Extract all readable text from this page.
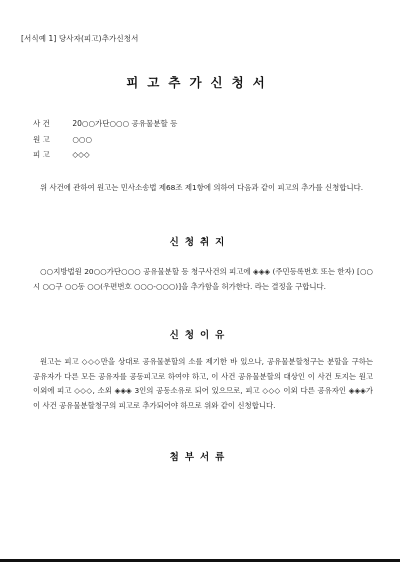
[서식예 1] 당사자(피고)추가신청서
피고추가신청서
사 건	20○○가단○○○ 공유물분할 등
원 고	○○○
피 고	◇◇◇

위 사건에 관하여 원고는 민사소송법 제68조 제1항에 의하여 다음과 같이 피고의 추가를 신청합니다.

신청취지

○○지방법원 20○○가단○○○ 공유물분할 등 청구사건의 피고에 ◈◈◈ (주민등록번호 또는 한자) [○○시 ○○구 ○○동 ○○(우편번호 ○○○-○○○)]을 추가함을 허가한다. 라는 결정을 구합니다.

신청이유

원고는 피고 ◇◇◇만을 상대로 공유물분할의 소를 제기한 바 있으나, 공유물분할청구는 분할을 구하는 공유자가 다른 모든 공유자를 공동피고로 하여야 하고, 이 사건 공유물분할의 대상인 이 사건 토지는 원고 이외에 피고 ◇◇◇, 소외 ◈◈◈ 3인의 공동소유로 되어 있으므로, 피고 ◇◇◇ 이외 다른 공유자인 ◈◈◈가 이 사건 공유물분할청구의 피고로 추가되어야 하므로 위와 같이 신청합니다.

첨부서류
